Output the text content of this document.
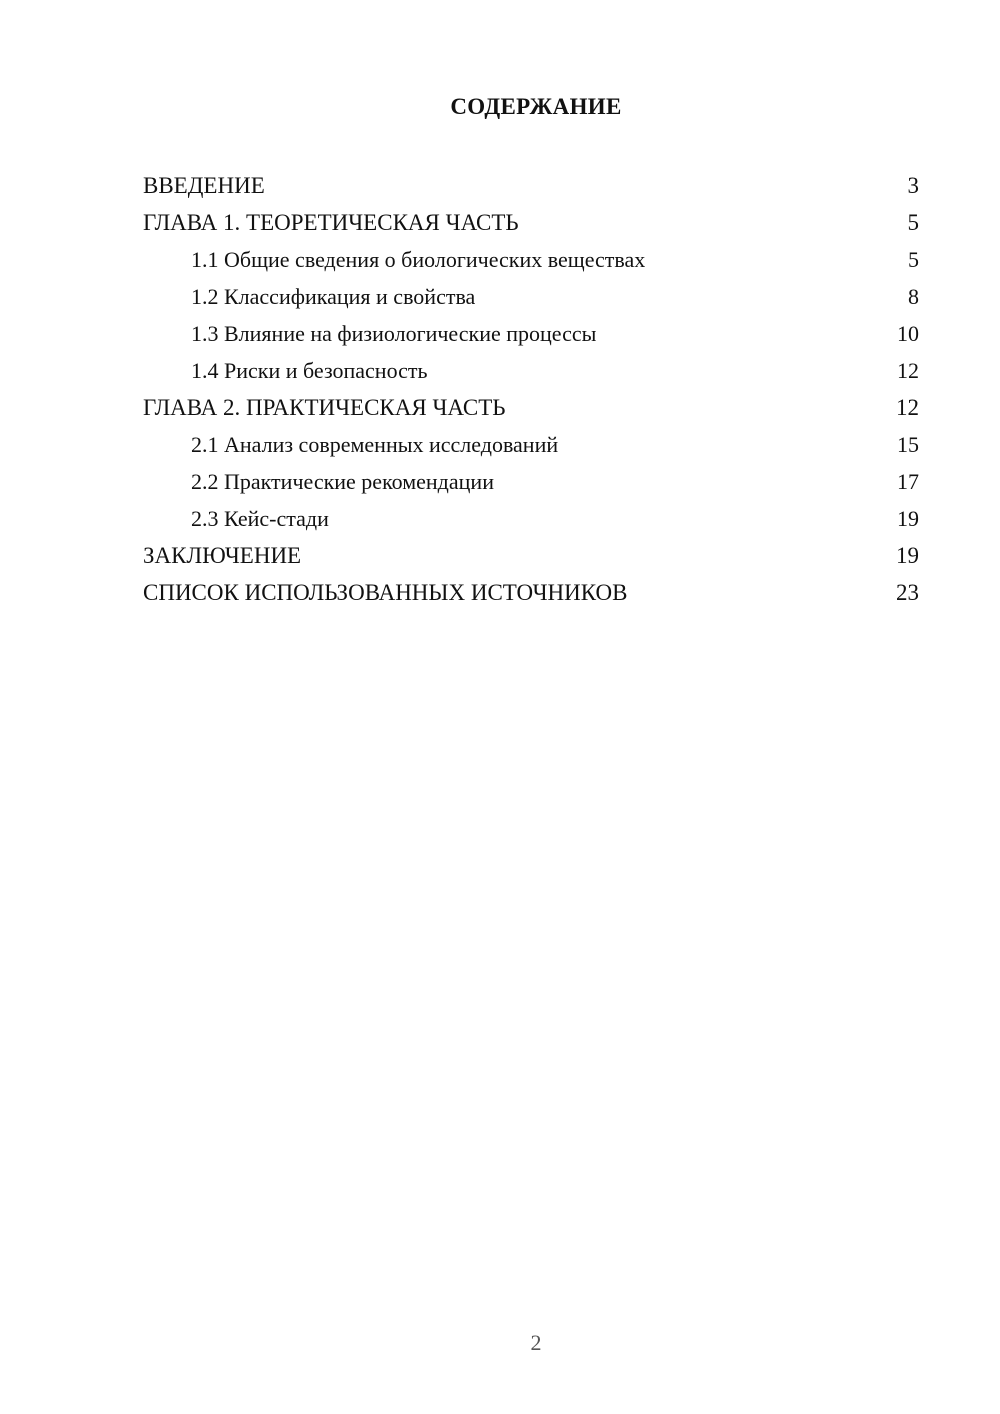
СОДЕРЖАНИЕ
ВВЕДЕНИЕ	3
ГЛАВА 1. ТЕОРЕТИЧЕСКАЯ ЧАСТЬ	5
1.1 Общие сведения о биологических веществах	5
1.2 Классификация и свойства	8
1.3 Влияние на физиологические процессы	10
1.4 Риски и безопасность	12
ГЛАВА 2. ПРАКТИЧЕСКАЯ ЧАСТЬ	12
2.1 Анализ современных исследований	15
2.2 Практические рекомендации	17
2.3 Кейс-стади	19
ЗАКЛЮЧЕНИЕ	19
СПИСОК ИСПОЛЬЗОВАННЫХ ИСТОЧНИКОВ	23
2
